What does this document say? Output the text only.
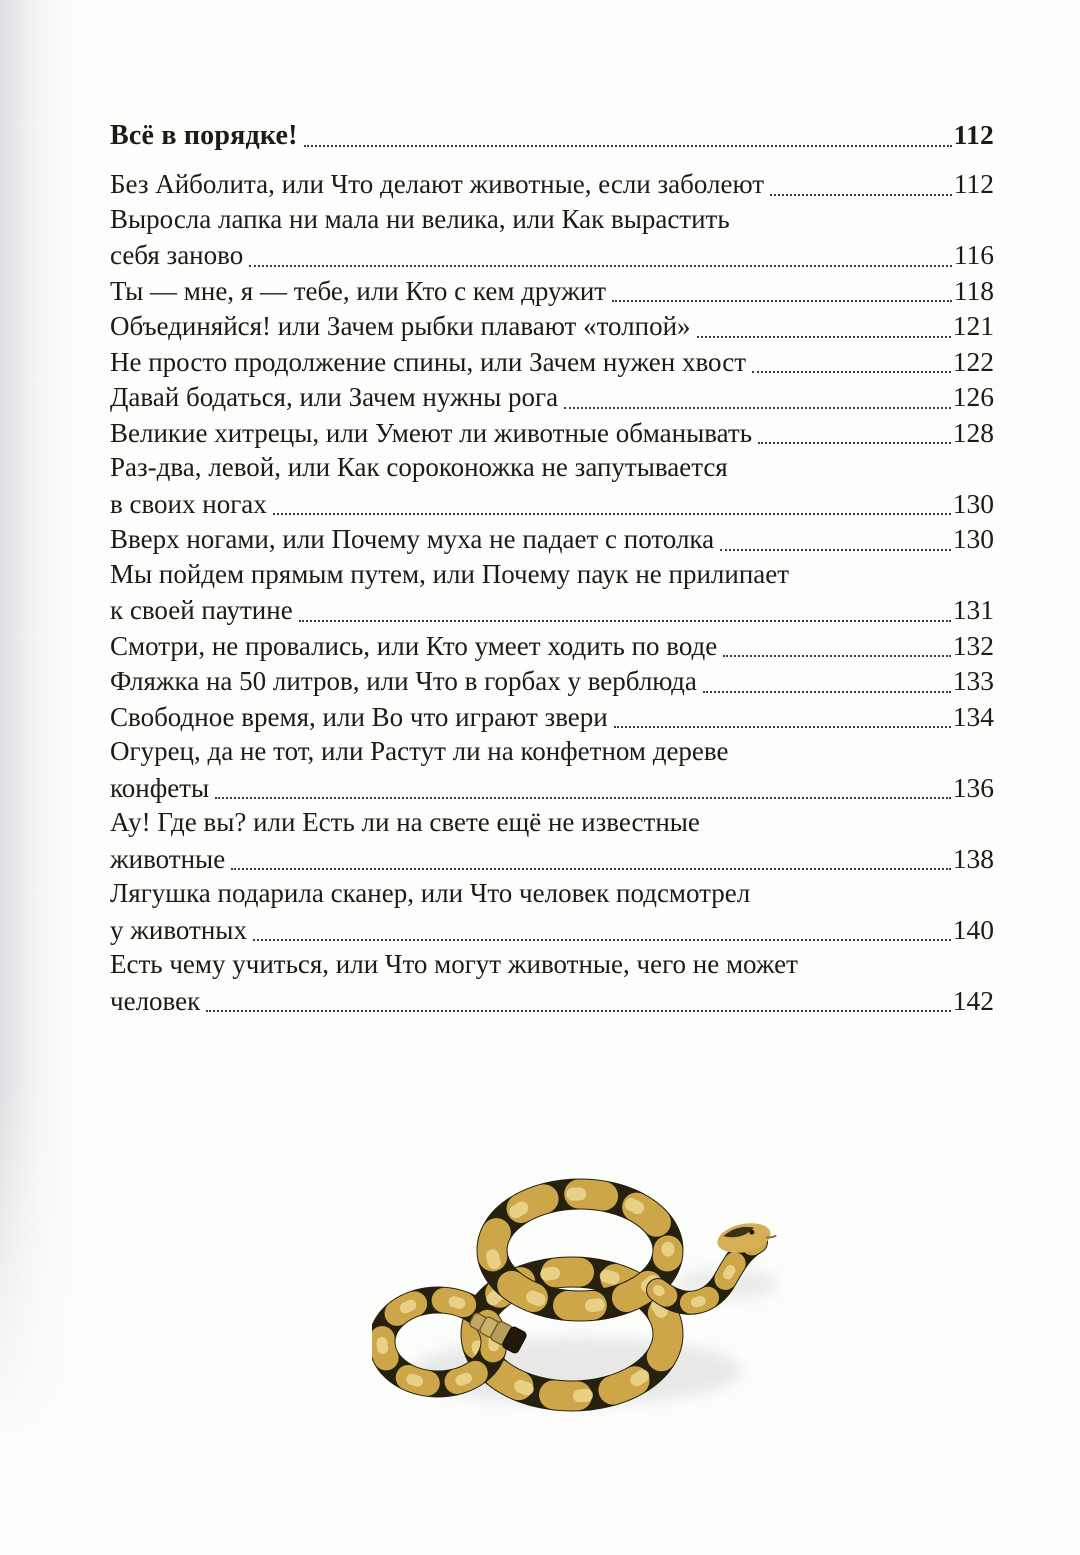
Всё в порядке!	112
Без Айболита, или Что делают животные, если заболеют	112
Выросла лапка ни мала ни велика, или Как вырастить
себя заново	116
Ты — мне, я — тебе, или Кто с кем дружит	118
Объединяйся! или Зачем рыбки плавают «толпой»	121
Не просто продолжение спины, или Зачем нужен хвост	122
Давай бодаться, или Зачем нужны рога	126
Великие хитрецы, или Умеют ли животные обманывать	128
Раз-два, левой, или Как сороконожка не запутывается
в своих ногах	130
Вверх ногами, или Почему муха не падает с потолка	130
Мы пойдем прямым путем, или Почему паук не прилипает
к своей паутине	131
Смотри, не провались, или Кто умеет ходить по воде	132
Фляжка на 50 литров, или Что в горбах у верблюда	133
Свободное время, или Во что играют звери	134
Огурец, да не тот, или Растут ли на конфетном дереве
конфеты	136
Ау! Где вы? или Есть ли на свете ещё не известные
животные	138
Лягушка подарила сканер, или Что человек подсмотрел
у животных	140
Есть чему учиться, или Что могут животные, чего не может
человек	142
